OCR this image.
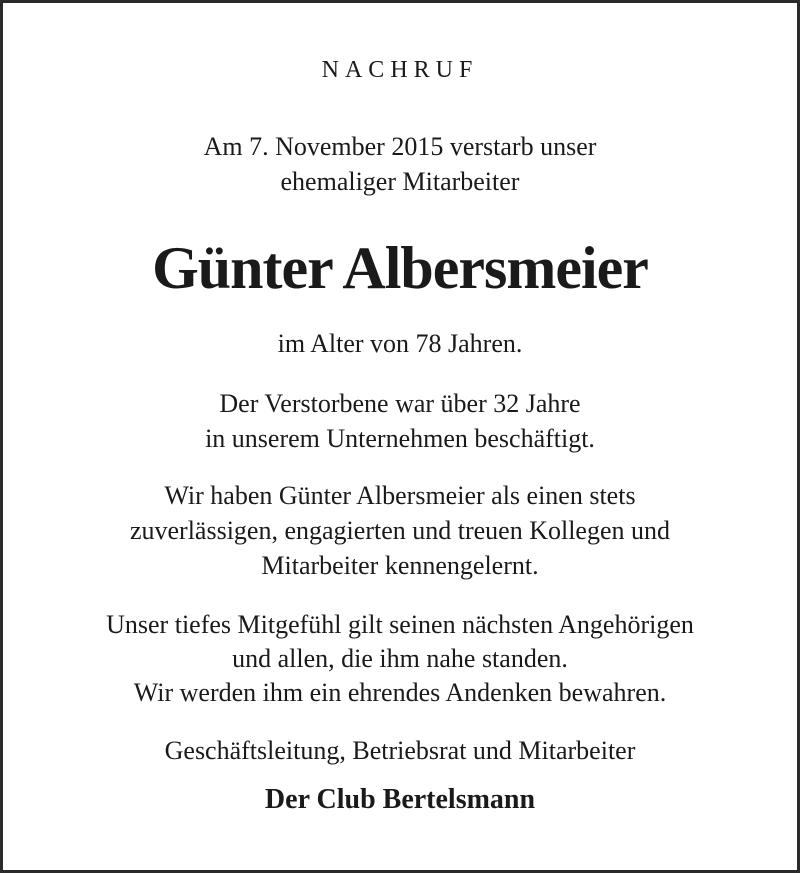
NACHRUF
Am 7. November 2015 verstarb unser
ehemaliger Mitarbeiter
Günter Albersmeier
im Alter von 78 Jahren.
Der Verstorbene war über 32 Jahre
in unserem Unternehmen beschäftigt.
Wir haben Günter Albersmeier als einen stets
zuverlässigen, engagierten und treuen Kollegen und
Mitarbeiter kennengelernt.
Unser tiefes Mitgefühl gilt seinen nächsten Angehörigen
und allen, die ihm nahe standen.
Wir werden ihm ein ehrendes Andenken bewahren.
Geschäftsleitung, Betriebsrat und Mitarbeiter
Der Club Bertelsmann
